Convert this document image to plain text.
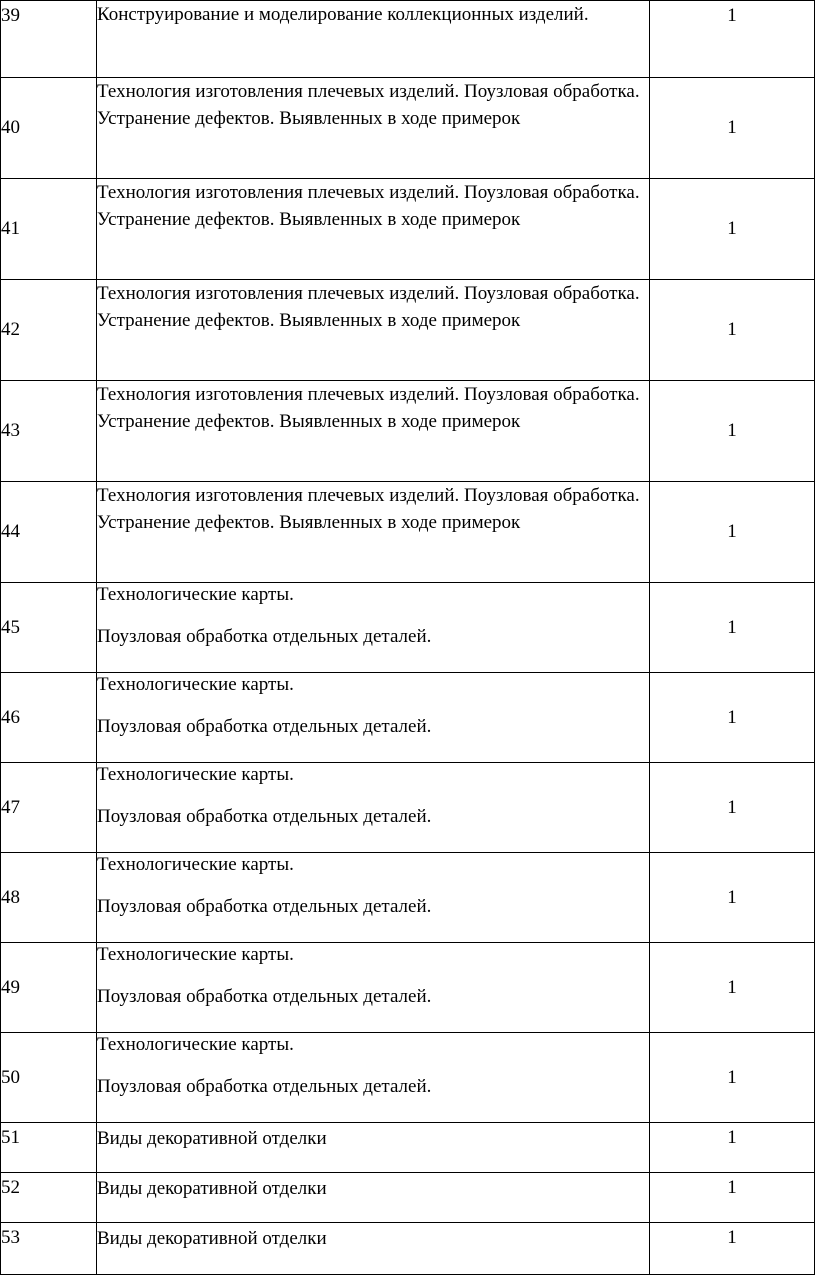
39	Конструирование и моделирование коллекционных изделий.	1
40	Технология изготовления плечевых изделий. Поузловая обработка. Устранение дефектов. Выявленных в ходе примерок	1
41	Технология изготовления плечевых изделий. Поузловая обработка. Устранение дефектов. Выявленных в ходе примерок	1
42	Технология изготовления плечевых изделий. Поузловая обработка. Устранение дефектов. Выявленных в ходе примерок	1
43	Технология изготовления плечевых изделий. Поузловая обработка. Устранение дефектов. Выявленных в ходе примерок	1
44	Технология изготовления плечевых изделий. Поузловая обработка. Устранение дефектов. Выявленных в ходе примерок	1
45	Технологические карты.
Поузловая обработка отдельных деталей.	1
46	Технологические карты.
Поузловая обработка отдельных деталей.	1
47	Технологические карты.
Поузловая обработка отдельных деталей.	1
48	Технологические карты.
Поузловая обработка отдельных деталей.	1
49	Технологические карты.
Поузловая обработка отдельных деталей.	1
50	Технологические карты.
Поузловая обработка отдельных деталей.	1
51	Виды декоративной отделки	1
52	Виды декоративной отделки	1
53	Виды декоративной отделки	1
